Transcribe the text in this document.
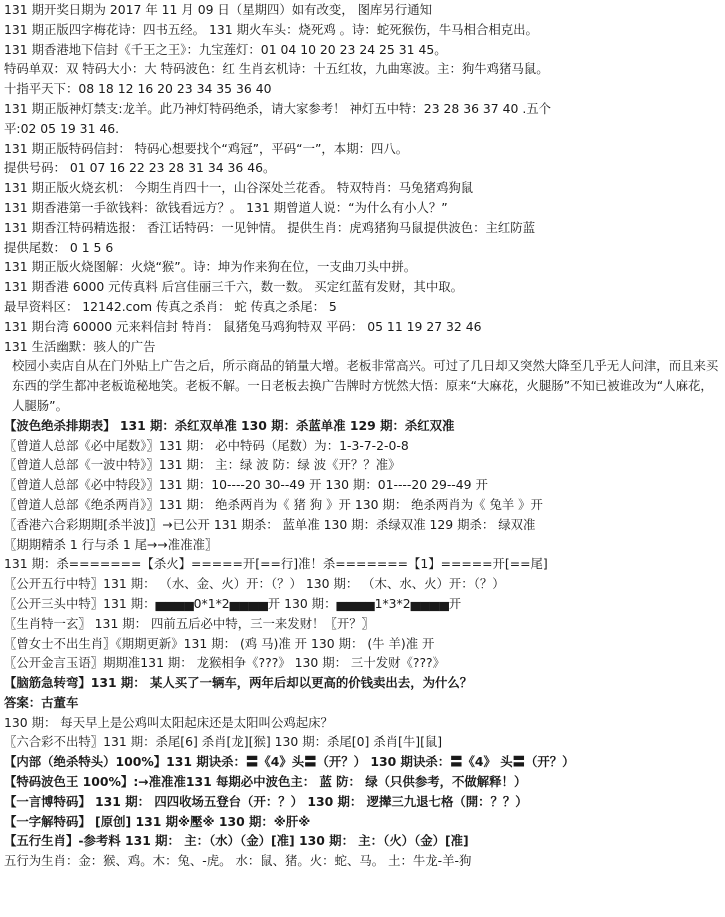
131 期开奖日期为 2017 年 11 月 09 日（星期四）如有改变， 图库另行通知
131 期正版四字梅花诗：四书五经。 131 期火车头：烧死鸡 。诗：蛇死猴伤，牛马相合相克出。
131 期香港地下信封《千王之王》：九宝莲灯：01 04 10 20 23 24 25 31 45。
特码单双：双 特码大小：大 特码波色：红 生肖玄机诗：十五红妆，九曲寒波。主：狗牛鸡猪马鼠。
十指平天下：08 18 12 16 20 23 34 35 36 40
131 期正版神灯禁支:龙羊。此乃神灯特码绝杀，请大家参考！ 神灯五中特：23 28 36 37 40 .五个
平:02 05 19 31 46.
131 期正版特码信封： 特码心想要找个“鸡冠”，平码“一”，本期：四八。
提供号码： 01 07 16 22 23 28 31 34 36 46。
131 期正版火烧玄机： 今期生肖四十一，山谷深处兰花香。 特双特肖：马兔猪鸡狗鼠
131 期香港第一手欲钱料：欲钱看远方？。 131 期曾道人说：“为什么有小人？”
131 期香江特码精选报： 香江话特码：一见钟情。 提供生肖：虎鸡猪狗马鼠提供波色：主红防蓝
提供尾数： 0 1 5 6
131 期正版火烧图解：火烧“猴”。诗：坤为作来狗在位，一支曲刀头中拼。
131 期香港 6000 元传真料 后宫佳丽三千六，数一数。 买定红蓝有发财，其中取。
最早资料区： 12142.com 传真之杀肖： 蛇 传真之杀尾： 5
131 期台湾 60000 元来料信封 特肖： 鼠猪兔马鸡狗特双 平码： 05 11 19 27 32 46
131 生活幽默：骇人的广告
校园小卖店自从在门外贴上广告之后，所示商品的销量大增。老板非常高兴。可过了几日却又突然大降至几乎无人问津，而且来买东西的学生都冲老板诡秘地笑。老板不解。一日老板去换广告牌时方恍然大悟：原来“大麻花，火腿肠”不知已被谁改为“人麻花，人腿肠”。
【波色绝杀排期表】 131 期：杀红双单准 130 期：杀蓝单准 129 期：杀红双准
〖曾道人总部《必中尾数》〗131 期： 必中特码（尾数）为：1-3-7-2-0-8
〖曾道人总部《一波中特》〗131 期： 主：绿 波 防：绿 波《开？？准》
〖曾道人总部《必中特段》〗131 期：10----20 30--49 开 130 期：01----20 29--49 开
〖曾道人总部《绝杀两肖》〗131 期： 绝杀两肖为《 猪 狗 》开 130 期： 绝杀两肖为《 兔羊 》开
〖香港六合彩期期[杀半波]〗→已公开 131 期杀： 蓝单准 130 期：杀绿双准 129 期杀： 绿双准
〖期期精杀 1 行与杀 1 尾→→准准准〗
131 期：杀=======【杀火】=====开[==行]准！杀=======【1】=====开[==尾]
〖公开五行中特〗131 期： （水、金、火）开：（？） 130 期： （木、水、火）开：（？）
〖公开三头中特〗131 期：▅▅▅▅0*1*2▅▅▅▅开 130 期：▅▅▅▅1*3*2▅▅▅▅开
〖生肖特一玄〗 131 期： 四前五后必中特，三一来发财！〖开？〗
〖曾女士不出生肖〗《期期更新》131 期： (鸡 马)准 开 130 期： (牛 羊)准 开
〖公开金言玉语〗期期准131 期： 龙猴相争《???》 130 期： 三十发财《???》
【脑筋急转弯】131 期： 某人买了一辆车，两年后却以更高的价钱卖出去，为什么？
答案：古董车
130 期： 每天早上是公鸡叫太阳起床还是太阳叫公鸡起床？
〖六合彩不出特〗131 期：杀尾[6] 杀肖[龙][猴] 130 期：杀尾[0] 杀肖[牛][鼠]
【内部（绝杀特头）100%】131 期诀杀：〓《4》头〓（开？） 130 期诀杀：〓《4》 头〓（开？）
【特码波色王 100%】:→准准准131 每期必中波色主： 蓝 防： 绿（只供参考，不做解释！）
【一言博特码】 131 期： 四四收场五登台（开：？） 130 期： 逻撵三九退七格（開：？？）
【一字解特码】 [原创] 131 期※壓※ 130 期：※肝※
【五行生肖】-参考料 131 期： 主：（水）（金）[准] 130 期： 主：（火）（金）[准]
五行为生肖：金：猴、鸡。木：兔、-虎。 水：鼠、猪。火：蛇、马。 土：牛龙-羊-狗
